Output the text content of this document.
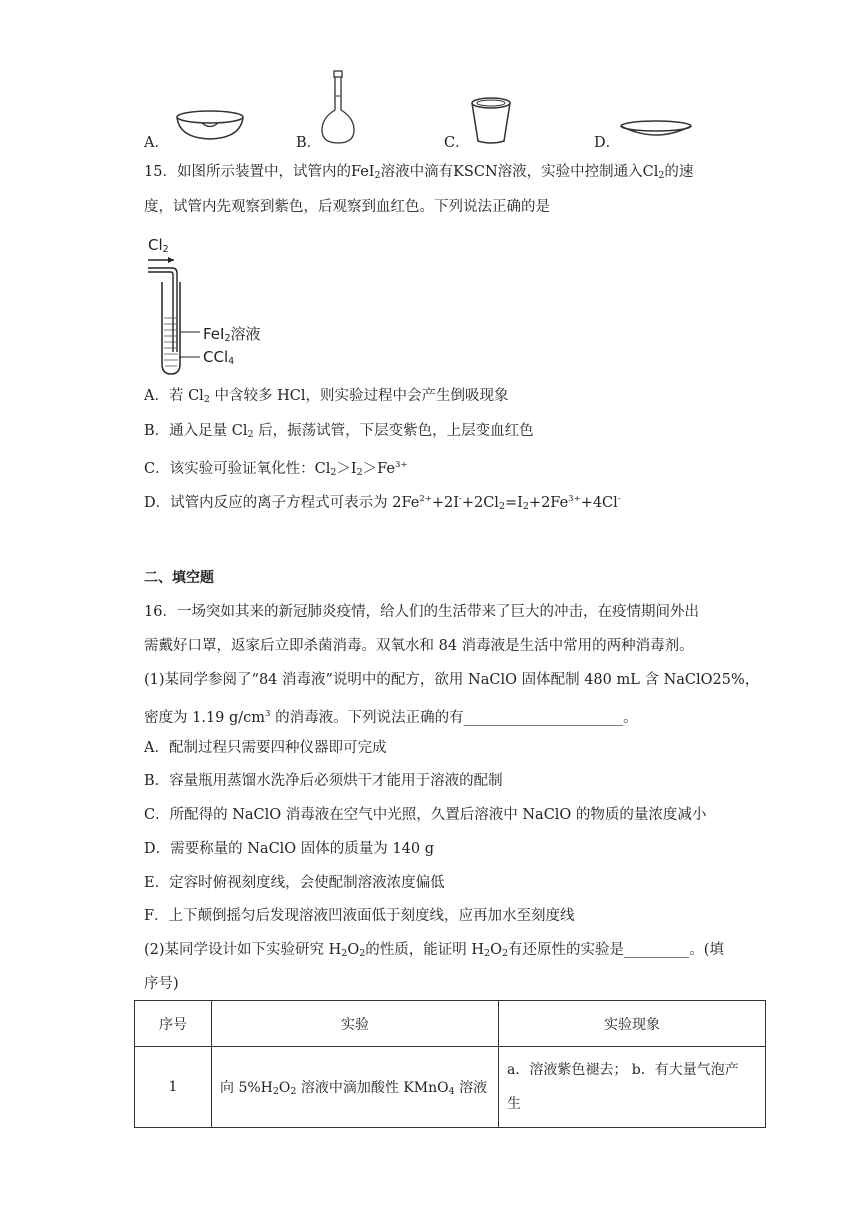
A．	B．	C．	D．
15．如图所示装置中，试管内的FeI$_2$溶液中滴有KSCN溶液，实验中控制通入$Cl_2$的速
度，试管内先观察到紫色，后观察到血红色。下列说法正确的是
$Cl_2$
FeI$_2$溶液
CCl$_4$
A．若 $Cl_2$ 中含较多 HCl，则实验过程中会产生倒吸现象
B．通入足量 $Cl_2$ 后，振荡试管，下层变紫色，上层变血红色
C．该实验可验证氧化性：$Cl_2>I_2>Fe^{3+}$
D．试管内反应的离子方程式可表示为 $2Fe^{2+}+2I^-+2Cl_2=I_2+2Fe^{3+}+4Cl^-$
二、填空题
16．一场突如其来的新冠肺炎疫情，给人们的生活带来了巨大的冲击，在疫情期间外出
需戴好口罩，返家后立即杀菌消毒。双氧水和 84 消毒液是生活中常用的两种消毒剂。
(1)某同学参阅了“84 消毒液”说明中的配方，欲用 NaClO 固体配制 480 mL 含 NaClO25%，
密度为 1.19 $g/cm^3$ 的消毒液。下列说法正确的有______________________。
A．配制过程只需要四种仪器即可完成
B．容量瓶用蒸馏水洗净后必须烘干才能用于溶液的配制
C．所配得的 NaClO 消毒液在空气中光照，久置后溶液中 NaClO 的物质的量浓度减小
D．需要称量的 NaClO 固体的质量为 140 g
E．定容时俯视刻度线，会使配制溶液浓度偏低
F．上下颠倒摇匀后发现溶液凹液面低于刻度线，应再加水至刻度线
(2)某同学设计如下实验研究 $H_2O_2$的性质，能证明 $H_2O_2$有还原性的实验是_________。(填
序号)
序号	实验	实验现象
1	向 $5\%H_2O_2$ 溶液中滴加酸性 KMnO$_4$ 溶液	a．溶液紫色褪去； b．有大量气泡产
生
